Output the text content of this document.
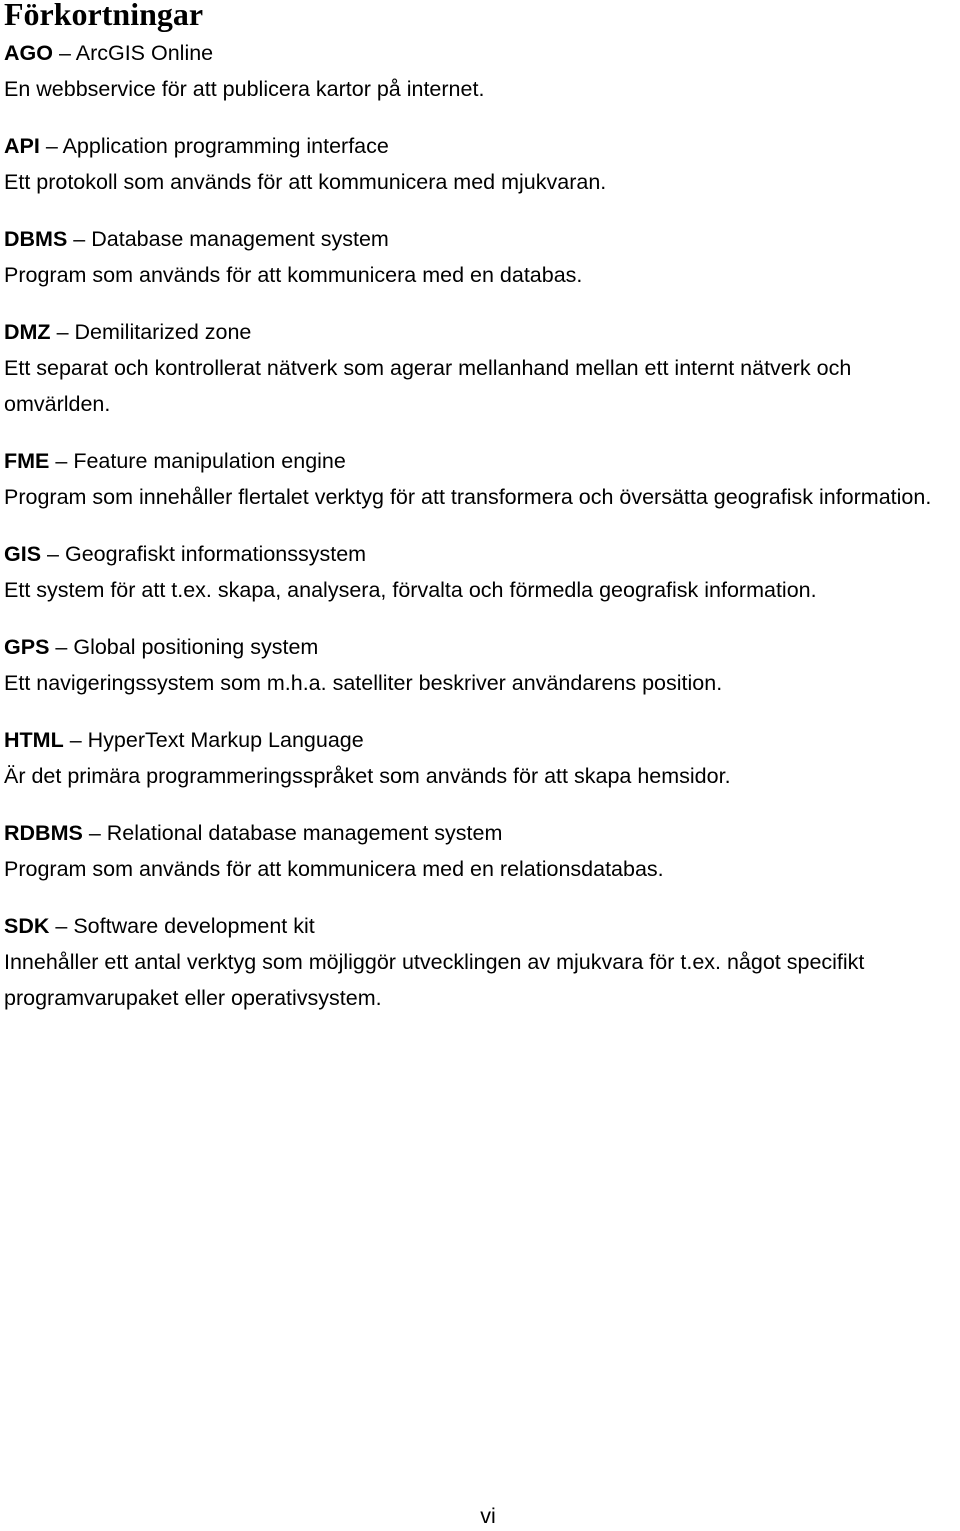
Förkortningar
AGO – ArcGIS Online
En webbservice för att publicera kartor på internet.
API – Application programming interface
Ett protokoll som används för att kommunicera med mjukvaran.
DBMS – Database management system
Program som används för att kommunicera med en databas.
DMZ – Demilitarized zone
Ett separat och kontrollerat nätverk som agerar mellanhand mellan ett internt nätverk och omvärlden.
FME – Feature manipulation engine
Program som innehåller flertalet verktyg för att transformera och översätta geografisk information.
GIS – Geografiskt informationssystem
Ett system för att t.ex. skapa, analysera, förvalta och förmedla geografisk information.
GPS – Global positioning system
Ett navigeringssystem som m.h.a. satelliter beskriver användarens position.
HTML – HyperText Markup Language
Är det primära programmeringsspråket som används för att skapa hemsidor.
RDBMS – Relational database management system
Program som används för att kommunicera med en relationsdatabas.
SDK – Software development kit
Innehåller ett antal verktyg som möjliggör utvecklingen av mjukvara för t.ex. något specifikt programvarupaket eller operativsystem.
vi
